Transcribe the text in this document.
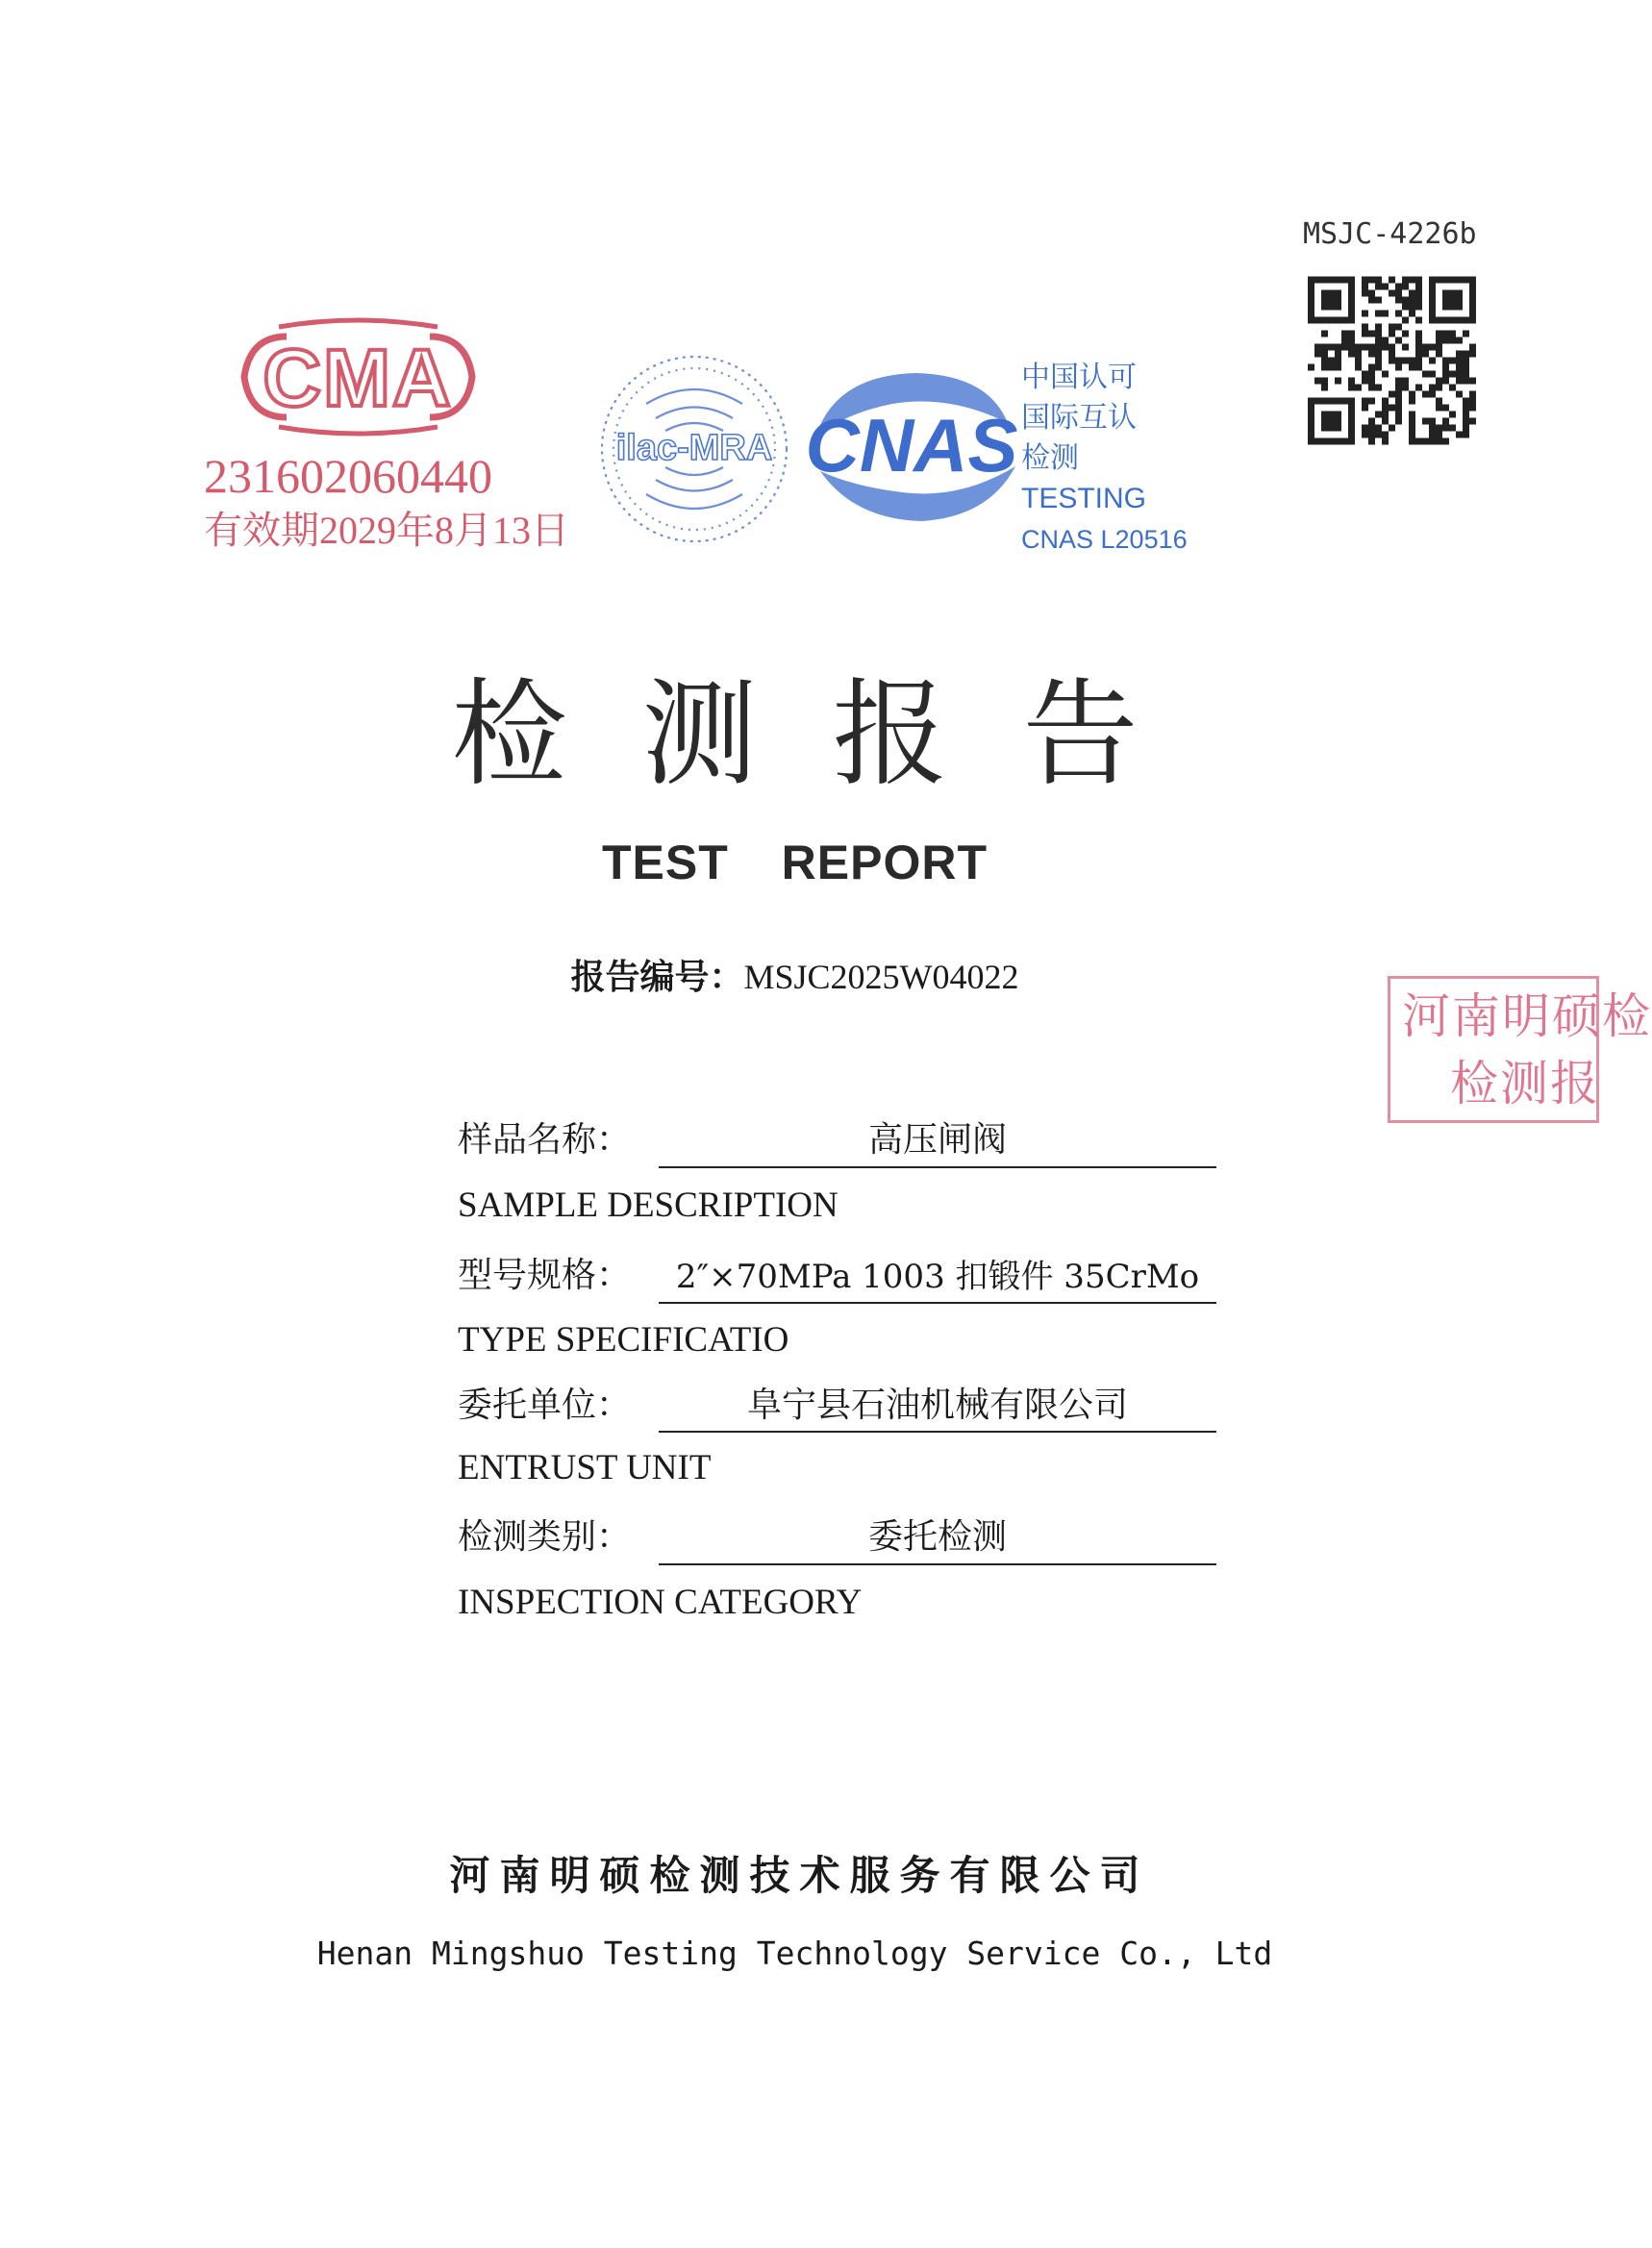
MSJC-4226b
CMA
231602060440
有效期2029年8月13日
ilac-MRA CNAS
中国认可
国际互认
检测
TESTING
CNAS L20516
检测报告
TEST REPORT
报告编号：MSJC2025W04022
河南明硕检
检测报
样品名称：	高压闸阀
SAMPLE DESCRIPTION
型号规格：	2″×70MPa 1003 扣锻件 35CrMo
TYPE SPECIFICATIO
委托单位：	阜宁县石油机械有限公司
ENTRUST UNIT
检测类别：	委托检测
INSPECTION CATEGORY
河南明硕检测技术服务有限公司
Henan Mingshuo Testing Technology Service Co., Ltd
